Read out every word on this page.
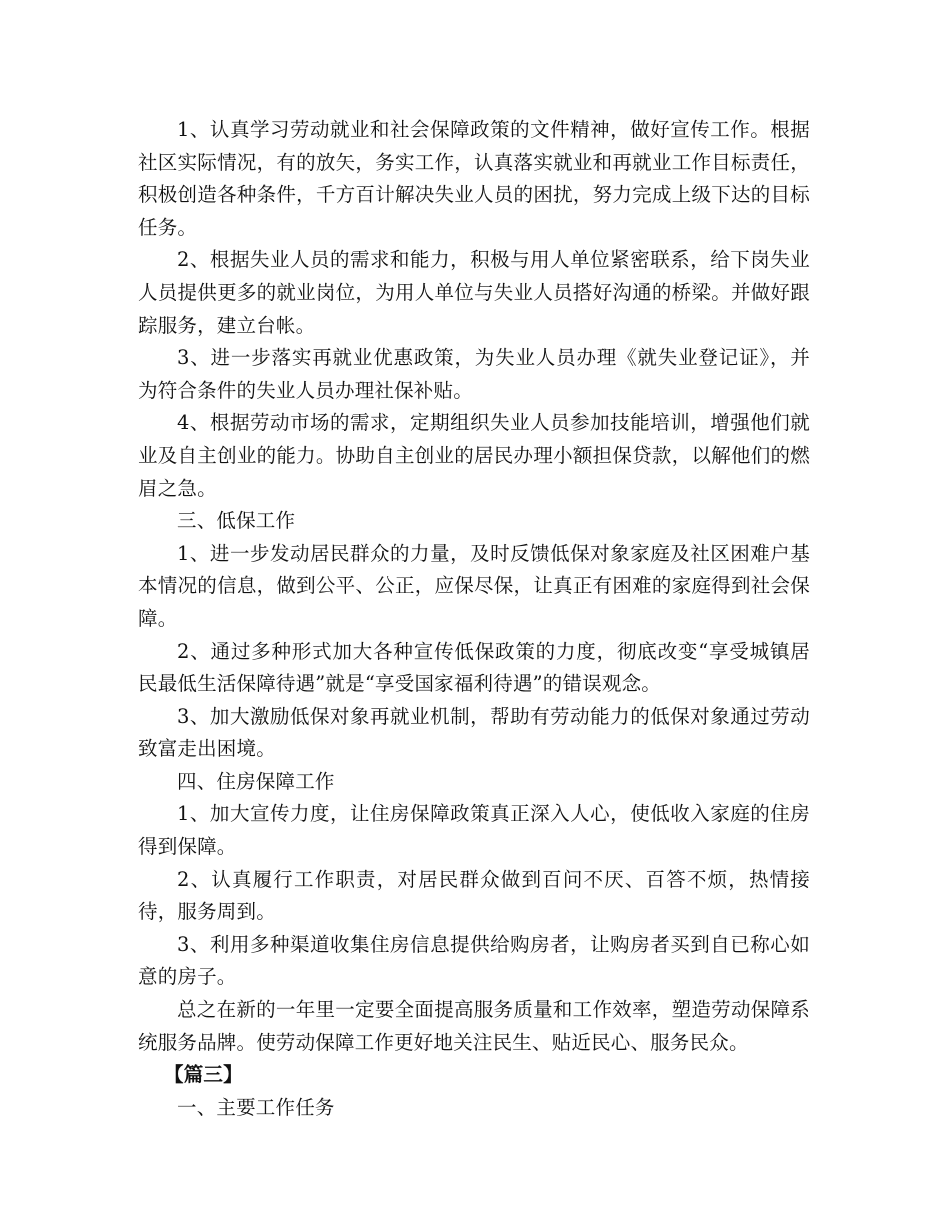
1、认真学习劳动就业和社会保障政策的文件精神，做好宣传工作。根据社区实际情况，有的放矢，务实工作，认真落实就业和再就业工作目标责任，积极创造各种条件，千方百计解决失业人员的困扰，努力完成上级下达的目标任务。

2、根据失业人员的需求和能力，积极与用人单位紧密联系，给下岗失业人员提供更多的就业岗位，为用人单位与失业人员搭好沟通的桥梁。并做好跟踪服务，建立台帐。

3、进一步落实再就业优惠政策，为失业人员办理《就失业登记证》，并为符合条件的失业人员办理社保补贴。

4、根据劳动市场的需求，定期组织失业人员参加技能培训，增强他们就业及自主创业的能力。协助自主创业的居民办理小额担保贷款，以解他们的燃眉之急。

三、低保工作

1、进一步发动居民群众的力量，及时反馈低保对象家庭及社区困难户基本情况的信息，做到公平、公正，应保尽保，让真正有困难的家庭得到社会保障。

2、通过多种形式加大各种宣传低保政策的力度，彻底改变“享受城镇居民最低生活保障待遇”就是“享受国家福利待遇”的错误观念。

3、加大激励低保对象再就业机制，帮助有劳动能力的低保对象通过劳动致富走出困境。

四、住房保障工作

1、加大宣传力度，让住房保障政策真正深入人心，使低收入家庭的住房得到保障。

2、认真履行工作职责，对居民群众做到百问不厌、百答不烦，热情接待，服务周到。

3、利用多种渠道收集住房信息提供给购房者，让购房者买到自已称心如意的房子。

总之在新的一年里一定要全面提高服务质量和工作效率，塑造劳动保障系统服务品牌。使劳动保障工作更好地关注民生、贴近民心、服务民众。

【篇三】

一、主要工作任务
